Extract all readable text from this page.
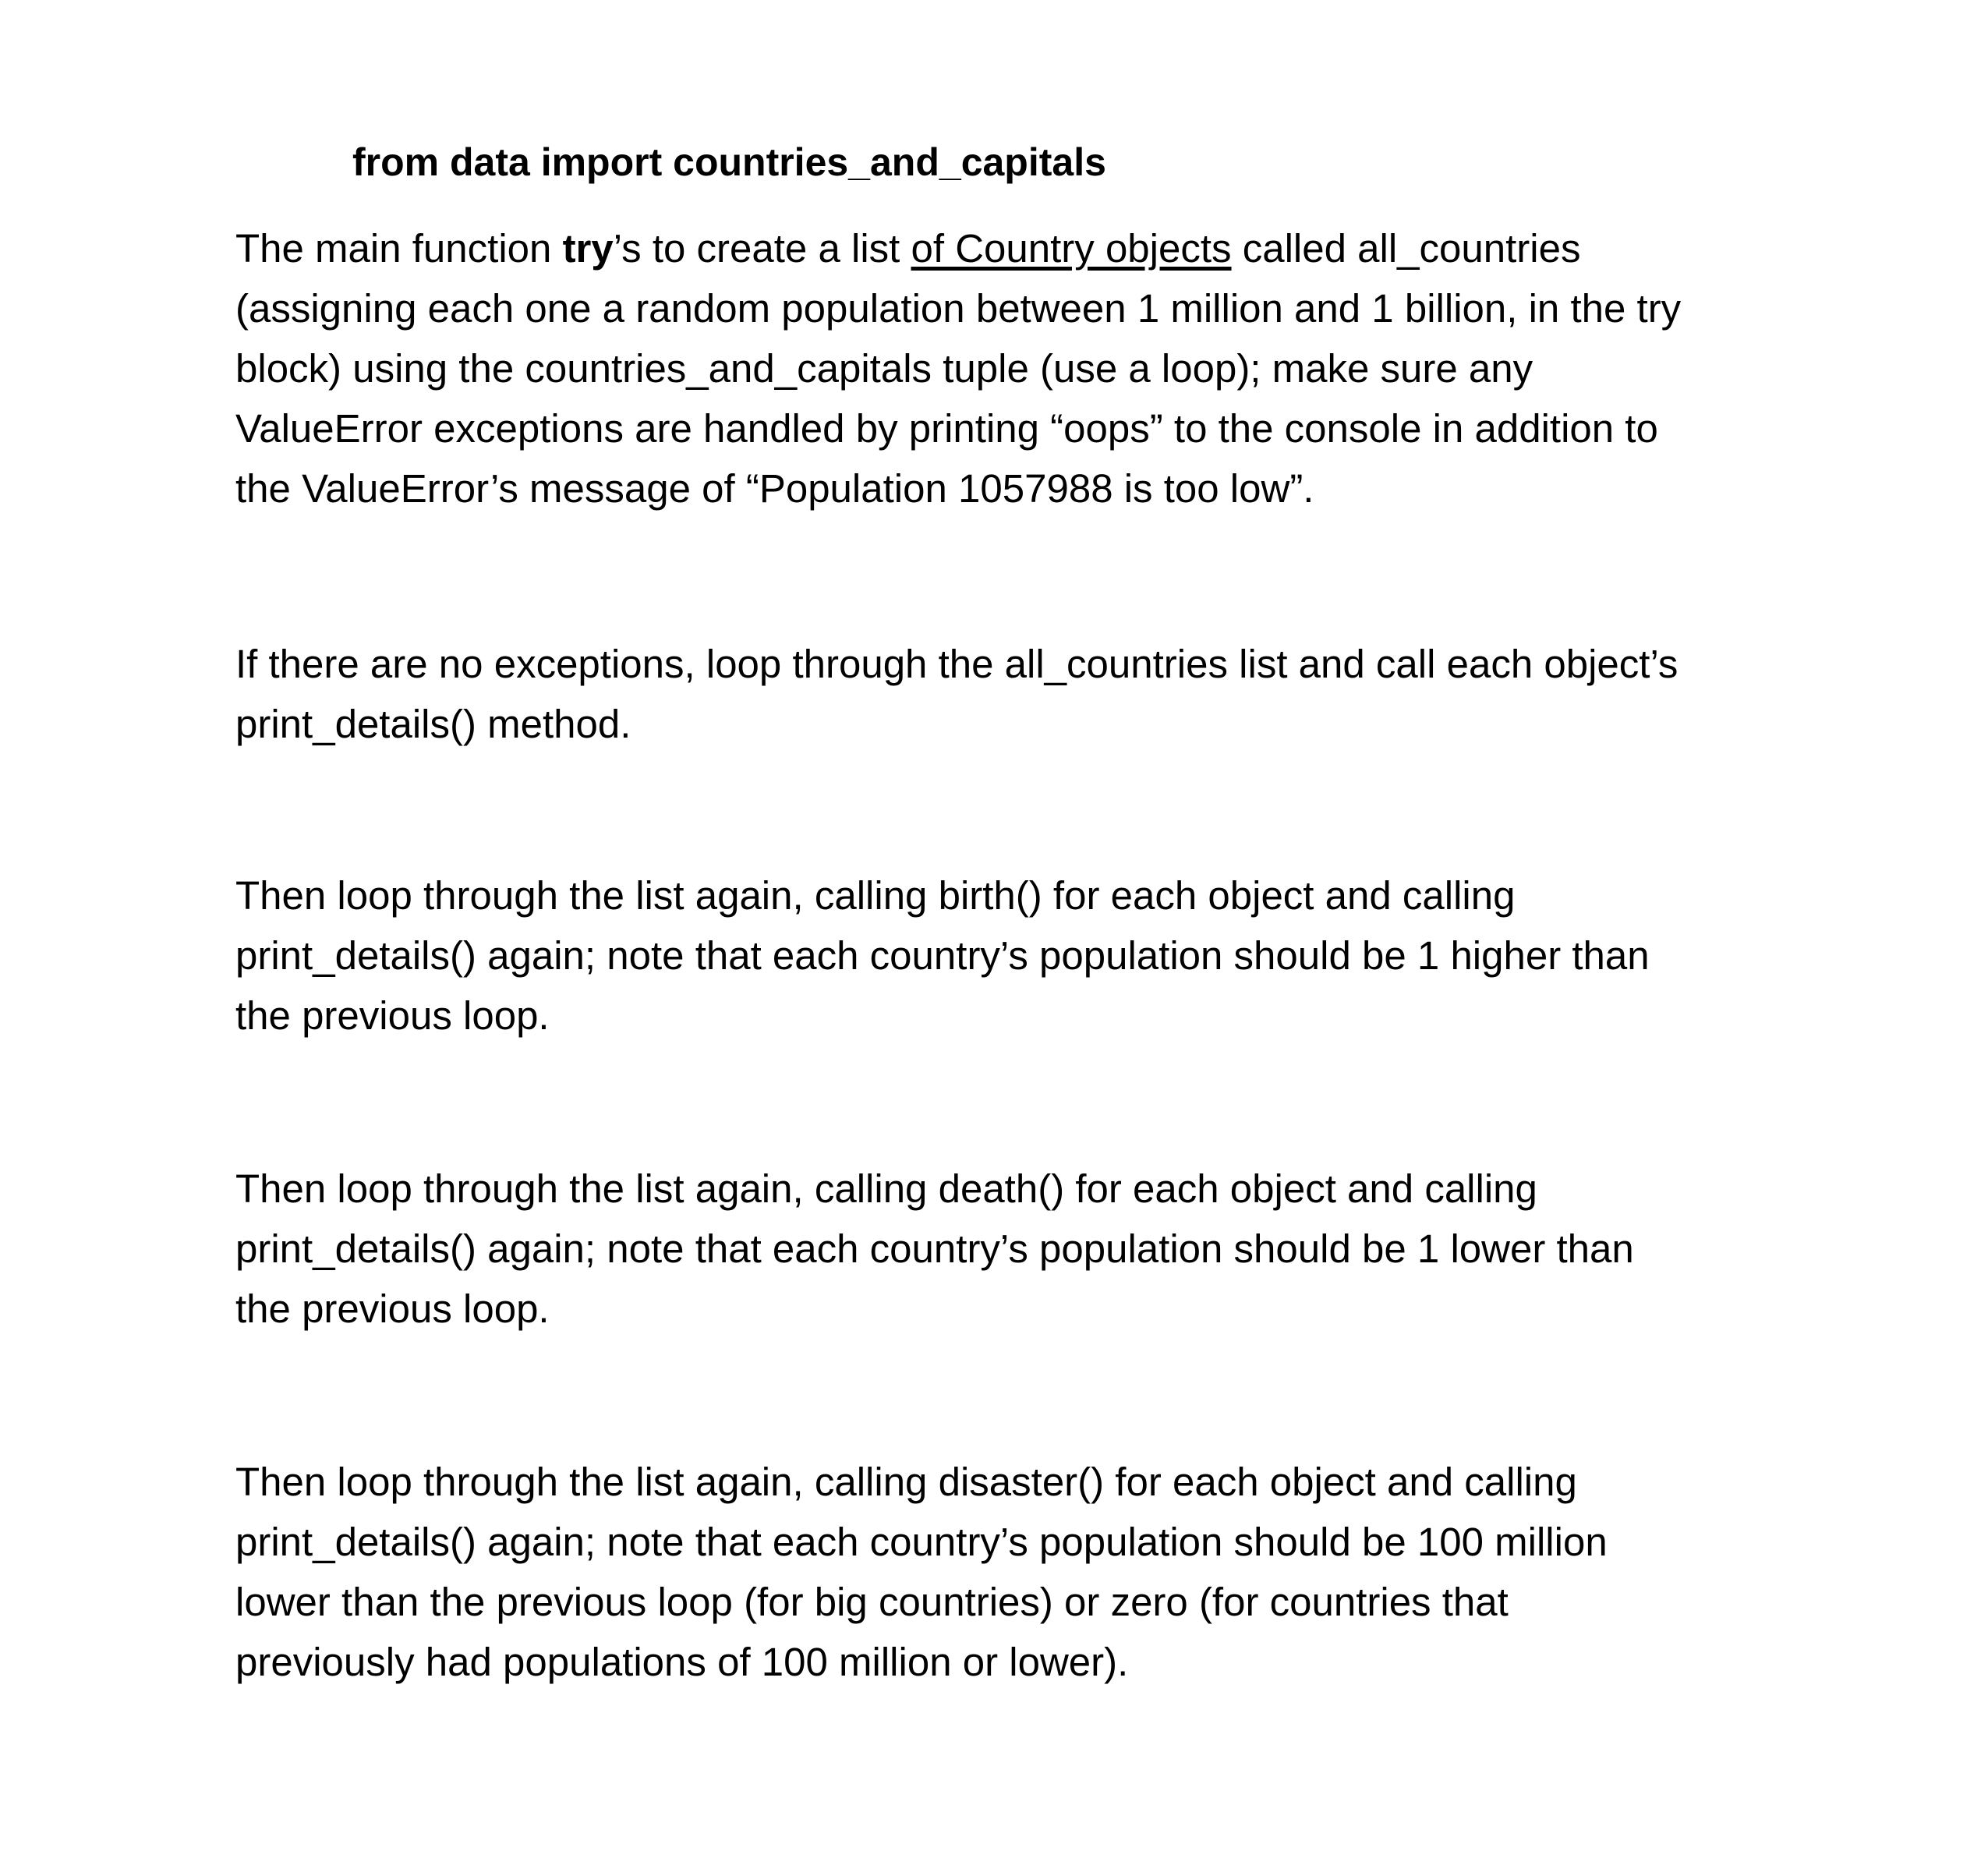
from data import countries_and_capitals

The main function try’s to create a list of Country objects called all_countries
(assigning each one a random population between 1 million and 1 billion, in the try
block) using the countries_and_capitals tuple (use a loop); make sure any
ValueError exceptions are handled by printing “oops” to the console in addition to
the ValueError’s message of “Population 1057988 is too low”.

If there are no exceptions, loop through the all_countries list and call each object’s
print_details() method.

Then loop through the list again, calling birth() for each object and calling
print_details() again; note that each country’s population should be 1 higher than
the previous loop.

Then loop through the list again, calling death() for each object and calling
print_details() again; note that each country’s population should be 1 lower than
the previous loop.

Then loop through the list again, calling disaster() for each object and calling
print_details() again; note that each country’s population should be 100 million
lower than the previous loop (for big countries) or zero (for countries that
previously had populations of 100 million or lower).
